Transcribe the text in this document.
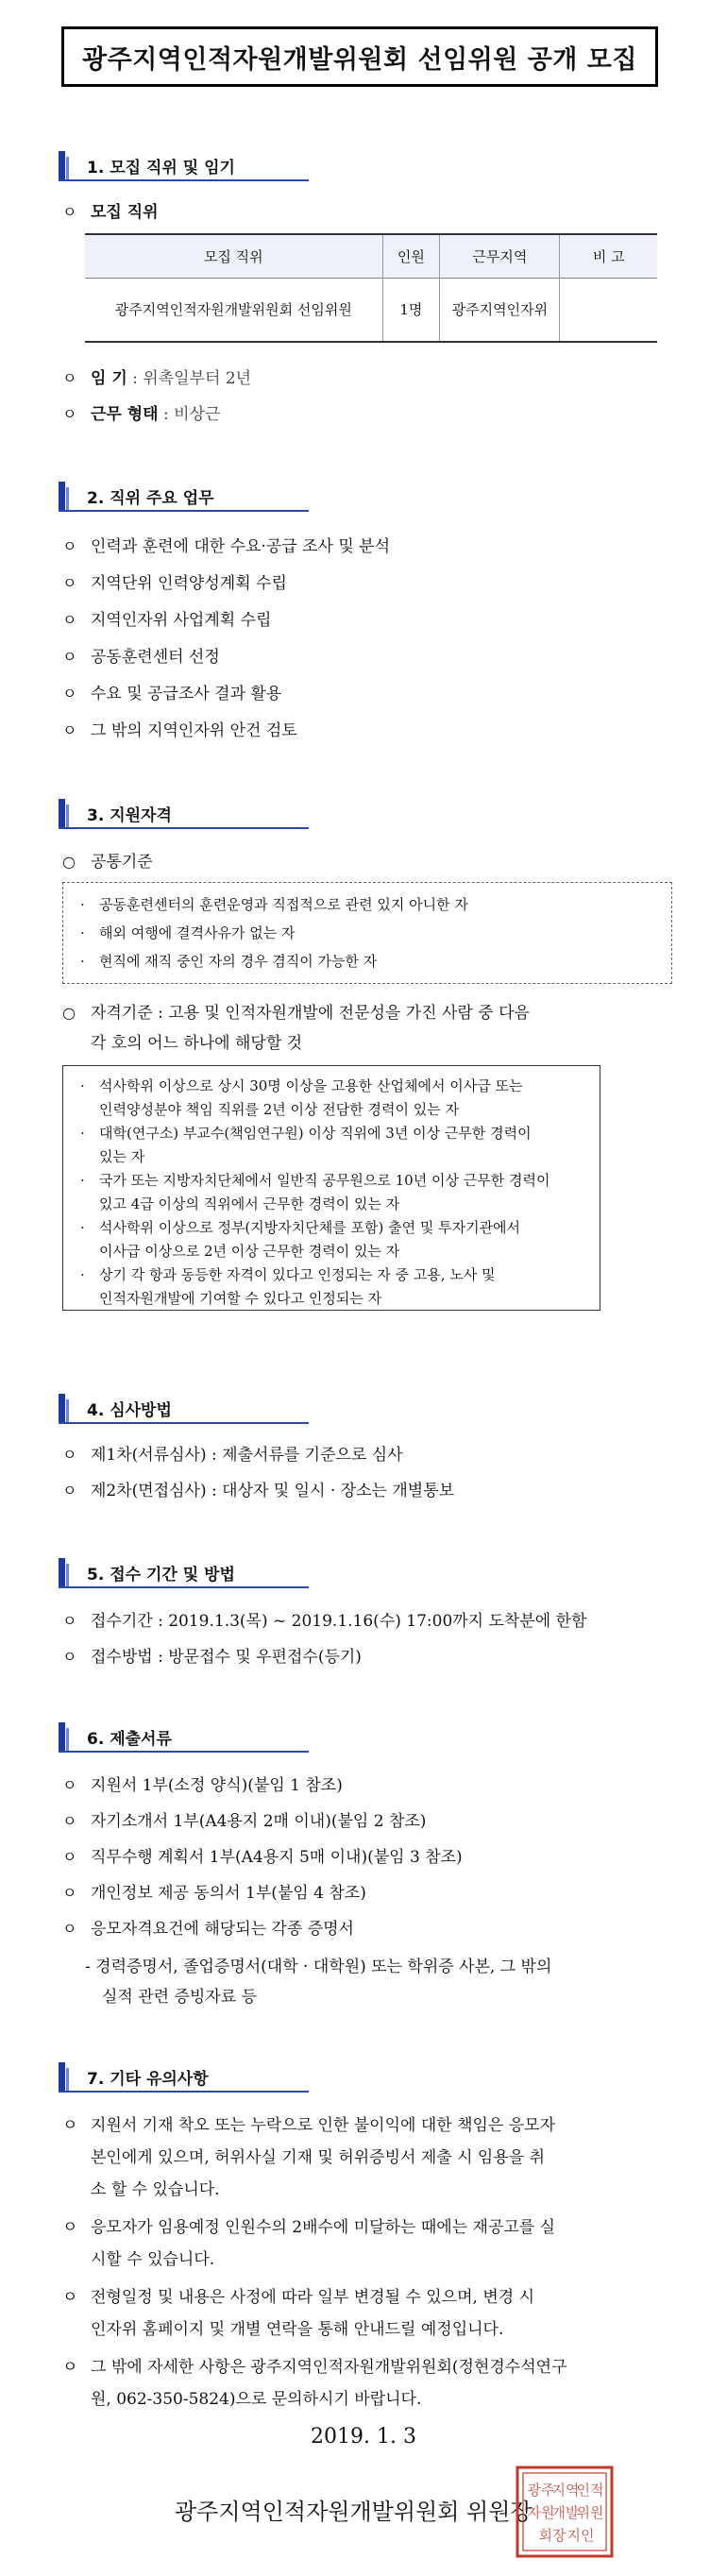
광주지역인적자원개발위원회 선임위원 공개 모집
1. 모집 직위 및 임기
ㅇ 모집 직위
모집 직위	인원	근무지역	비 고
광주지역인적자원개발위원회 선임위원	1명	광주지역인자위	
ㅇ 임 기 : 위촉일부터 2년
ㅇ 근무 형태 : 비상근
2. 직위 주요 업무
ㅇ 인력과 훈련에 대한 수요·공급 조사 및 분석
ㅇ 지역단위 인력양성계획 수립
ㅇ 지역인자위 사업계획 수립
ㅇ 공동훈련센터 선정
ㅇ 수요 및 공급조사 결과 활용
ㅇ 그 밖의 지역인자위 안건 검토
3. 지원자격
○ 공통기준
· 공동훈련센터의 훈련운영과 직접적으로 관련 있지 아니한 자
· 해외 여행에 결격사유가 없는 자
· 현직에 재직 중인 자의 경우 겸직이 가능한 자
○ 자격기준 : 고용 및 인적자원개발에 전문성을 가진 사람 중 다음
각 호의 어느 하나에 해당할 것
· 석사학위 이상으로 상시 30명 이상을 고용한 산업체에서 이사급 또는
인력양성분야 책임 직위를 2년 이상 전담한 경력이 있는 자
· 대학(연구소) 부교수(책임연구원) 이상 직위에 3년 이상 근무한 경력이
있는 자
· 국가 또는 지방자치단체에서 일반직 공무원으로 10년 이상 근무한 경력이
있고 4급 이상의 직위에서 근무한 경력이 있는 자
· 석사학위 이상으로 정부(지방자치단체를 포함) 출연 및 투자기관에서
이사급 이상으로 2년 이상 근무한 경력이 있는 자
· 상기 각 항과 동등한 자격이 있다고 인정되는 자 중 고용, 노사 및
인적자원개발에 기여할 수 있다고 인정되는 자
4. 심사방법
ㅇ 제1차(서류심사) : 제출서류를 기준으로 심사
ㅇ 제2차(면접심사) : 대상자 및 일시 · 장소는 개별통보
5. 접수 기간 및 방법
ㅇ 접수기간 : 2019.1.3(목) ~ 2019.1.16(수) 17:00까지 도착분에 한함
ㅇ 접수방법 : 방문접수 및 우편접수(등기)
6. 제출서류
ㅇ 지원서 1부(소정 양식)(붙임 1 참조)
ㅇ 자기소개서 1부(A4용지 2매 이내)(붙임 2 참조)
ㅇ 직무수행 계획서 1부(A4용지 5매 이내)(붙임 3 참조)
ㅇ 개인정보 제공 동의서 1부(붙임 4 참조)
ㅇ 응모자격요건에 해당되는 각종 증명서
- 경력증명서, 졸업증명서(대학 · 대학원) 또는 학위증 사본, 그 밖의
실적 관련 증빙자료 등
7. 기타 유의사항
ㅇ 지원서 기재 착오 또는 누락으로 인한 불이익에 대한 책임은 응모자
본인에게 있으며, 허위사실 기재 및 허위증빙서 제출 시 임용을 취
소 할 수 있습니다.
ㅇ 응모자가 임용예정 인원수의 2배수에 미달하는 때에는 재공고를 실
시할 수 있습니다.
ㅇ 전형일정 및 내용은 사정에 따라 일부 변경될 수 있으며, 변경 시
인자위 홈페이지 및 개별 연락을 통해 안내드릴 예정입니다.
ㅇ 그 밖에 자세한 사항은 광주지역인적자원개발위원회(정현경수석연구
원, 062-350-5824)으로 문의하시기 바랍니다.
2019. 1. 3
광주지역인적자원개발위원회 위원장
광주
지역
인적
자원
개발
위원
회장 지인
